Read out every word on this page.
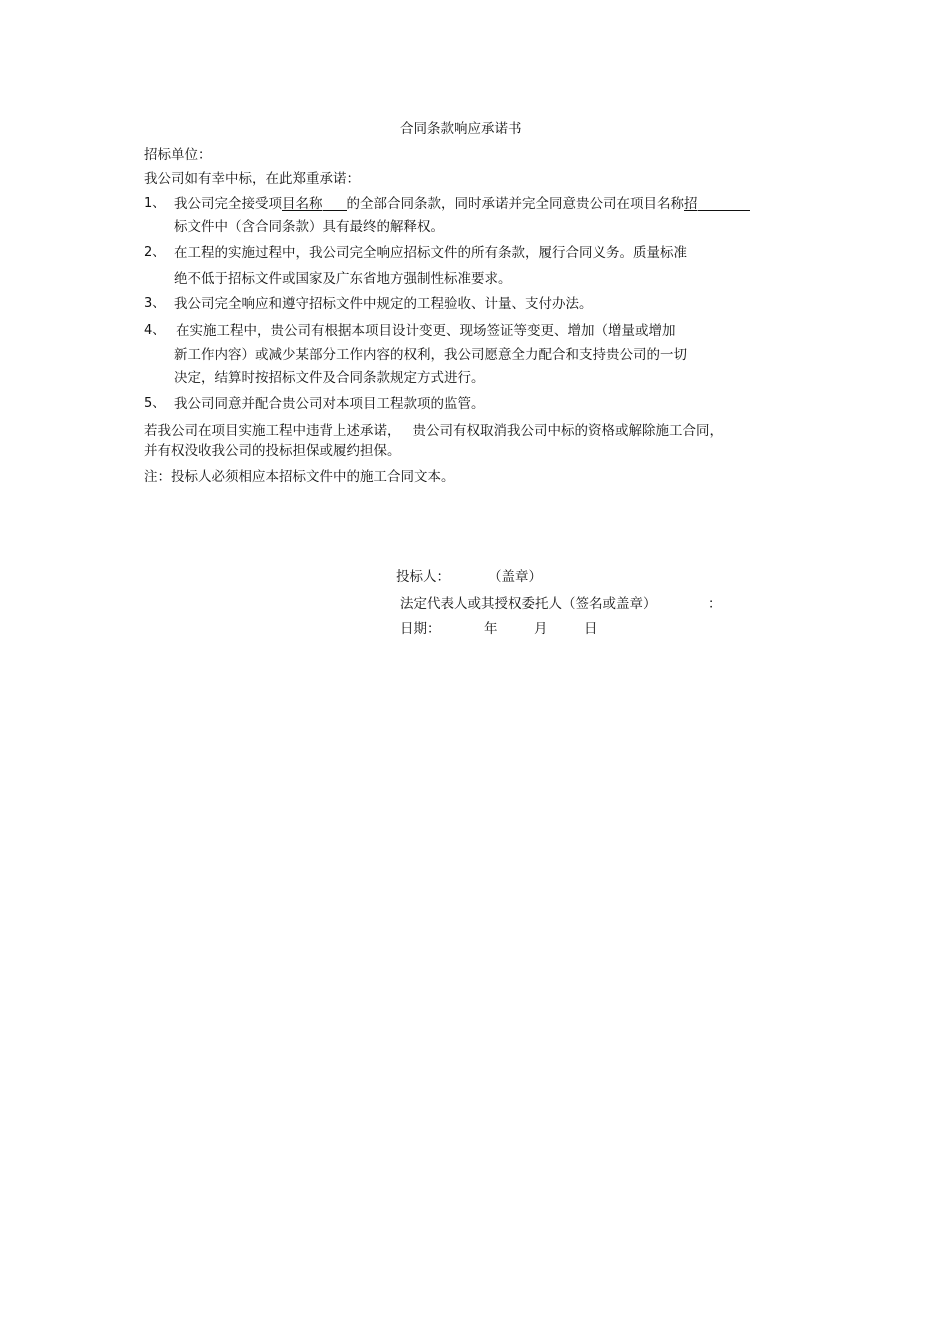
合同条款响应承诺书
招标单位：
我公司如有幸中标，在此郑重承诺：
1、 我公司完全接受项目名称 的全部合同条款，同时承诺并完全同意贵公司在项目名称招
标文件中（含合同条款）具有最终的解释权。
2、 在工程的实施过程中，我公司完全响应招标文件的所有条款，履行合同义务。质量标准
绝不低于招标文件或国家及广东省地方强制性标准要求。
3、 我公司完全响应和遵守招标文件中规定的工程验收、计量、支付办法。
4、 在实施工程中，贵公司有根据本项目设计变更、现场签证等变更、增加（增量或增加
新工作内容）或减少某部分工作内容的权利，我公司愿意全力配合和支持贵公司的一切
决定，结算时按招标文件及合同条款规定方式进行。
5、 我公司同意并配合贵公司对本项目工程款项的监管。
若我公司在项目实施工程中违背上述承诺， 贵公司有权取消我公司中标的资格或解除施工合同，
并有权没收我公司的投标担保或履约担保。
注：投标人必须相应本招标文件中的施工合同文本。
投标人：	（盖章）
法定代表人或其授权委托人（签名或盖章）	：
日期：	年	月	日
